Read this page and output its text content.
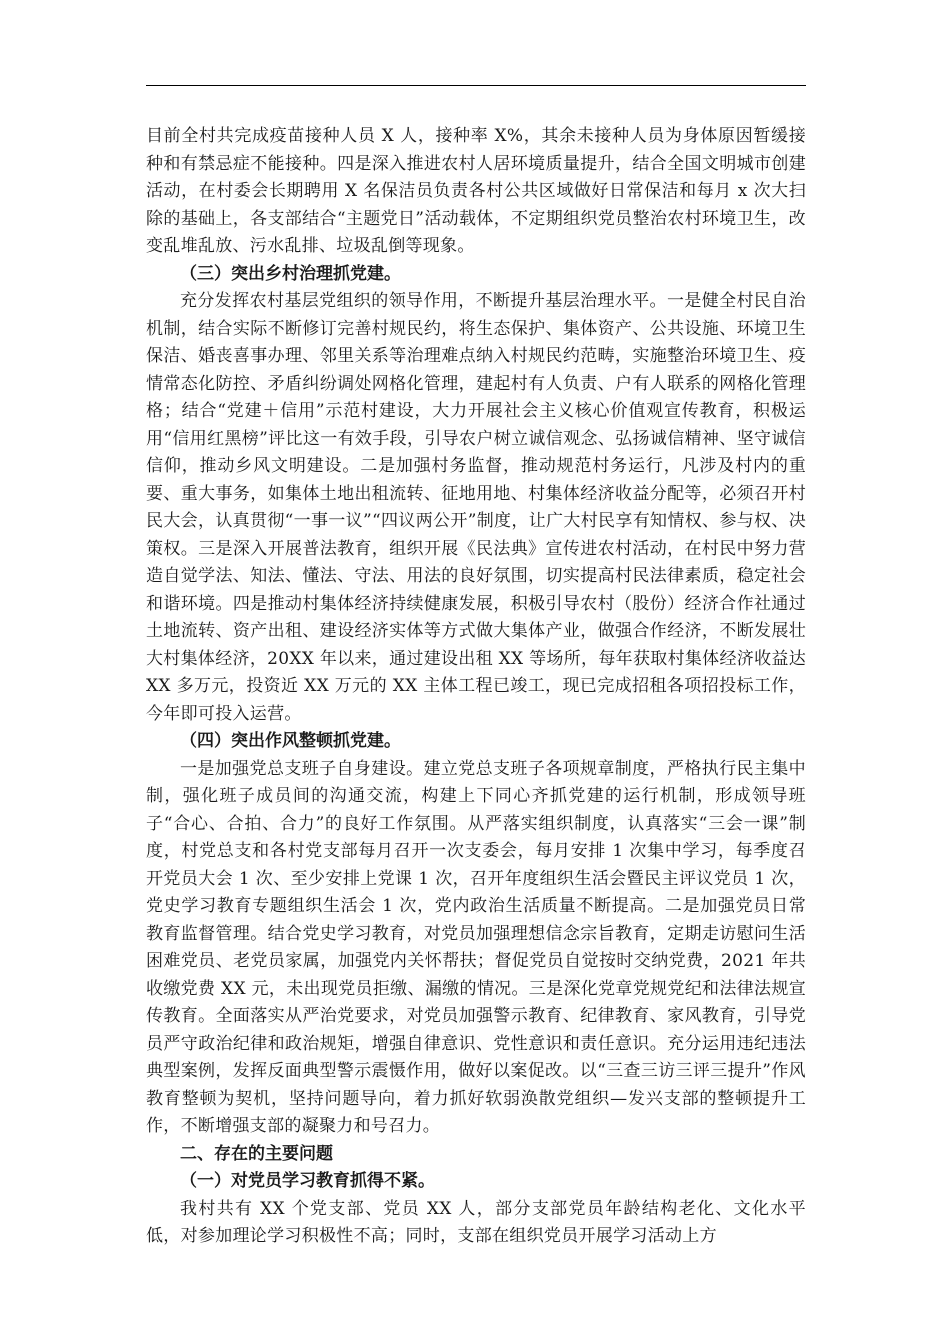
目前全村共完成疫苗接种人员 X 人，接种率 X%，其余未接种人员为身体原因暂缓接种和有禁忌症不能接种。四是深入推进农村人居环境质量提升，结合全国文明城市创建活动，在村委会长期聘用 X 名保洁员负责各村公共区域做好日常保洁和每月 x 次大扫除的基础上，各支部结合“主题党日”活动载体，不定期组织党员整治农村环境卫生，改变乱堆乱放、污水乱排、垃圾乱倒等现象。

（三）突出乡村治理抓党建。

充分发挥农村基层党组织的领导作用，不断提升基层治理水平。一是健全村民自治机制，结合实际不断修订完善村规民约，将生态保护、集体资产、公共设施、环境卫生保洁、婚丧喜事办理、邻里关系等治理难点纳入村规民约范畴，实施整治环境卫生、疫情常态化防控、矛盾纠纷调处网格化管理，建起村有人负责、户有人联系的网格化管理格；结合“党建＋信用”示范村建设，大力开展社会主义核心价值观宣传教育，积极运用“信用红黑榜”评比这一有效手段，引导农户树立诚信观念、弘扬诚信精神、坚守诚信信仰，推动乡风文明建设。二是加强村务监督，推动规范村务运行，凡涉及村内的重要、重大事务，如集体土地出租流转、征地用地、村集体经济收益分配等，必须召开村民大会，认真贯彻“一事一议”“四议两公开”制度，让广大村民享有知情权、参与权、决策权。三是深入开展普法教育，组织开展《民法典》宣传进农村活动，在村民中努力营造自觉学法、知法、懂法、守法、用法的良好氛围，切实提高村民法律素质，稳定社会和谐环境。四是推动村集体经济持续健康发展，积极引导农村（股份）经济合作社通过土地流转、资产出租、建设经济实体等方式做大集体产业，做强合作经济，不断发展壮大村集体经济，20XX 年以来，通过建设出租 XX 等场所，每年获取村集体经济收益达 XX 多万元，投资近 XX 万元的 XX 主体工程已竣工，现已完成招租各项招投标工作，今年即可投入运营。

（四）突出作风整顿抓党建。

一是加强党总支班子自身建设。建立党总支班子各项规章制度，严格执行民主集中制，强化班子成员间的沟通交流，构建上下同心齐抓党建的运行机制，形成领导班子“合心、合拍、合力”的良好工作氛围。从严落实组织制度，认真落实“三会一课”制度，村党总支和各村党支部每月召开一次支委会，每月安排 1 次集中学习，每季度召开党员大会 1 次、至少安排上党课 1 次，召开年度组织生活会暨民主评议党员 1 次，党史学习教育专题组织生活会 1 次，党内政治生活质量不断提高。二是加强党员日常教育监督管理。结合党史学习教育，对党员加强理想信念宗旨教育，定期走访慰问生活困难党员、老党员家属，加强党内关怀帮扶；督促党员自觉按时交纳党费，2021 年共收缴党费 XX 元，未出现党员拒缴、漏缴的情况。三是深化党章党规党纪和法律法规宣传教育。全面落实从严治党要求，对党员加强警示教育、纪律教育、家风教育，引导党员严守政治纪律和政治规矩，增强自律意识、党性意识和责任意识。充分运用违纪违法典型案例，发挥反面典型警示震慑作用，做好以案促改。以“三查三访三评三提升”作风教育整顿为契机，坚持问题导向，着力抓好软弱涣散党组织—发兴支部的整顿提升工作，不断增强支部的凝聚力和号召力。

二、存在的主要问题

（一）对党员学习教育抓得不紧。

我村共有 XX 个党支部、党员 XX 人，部分支部党员年龄结构老化、文化水平低，对参加理论学习积极性不高；同时，支部在组织党员开展学习活动上方
